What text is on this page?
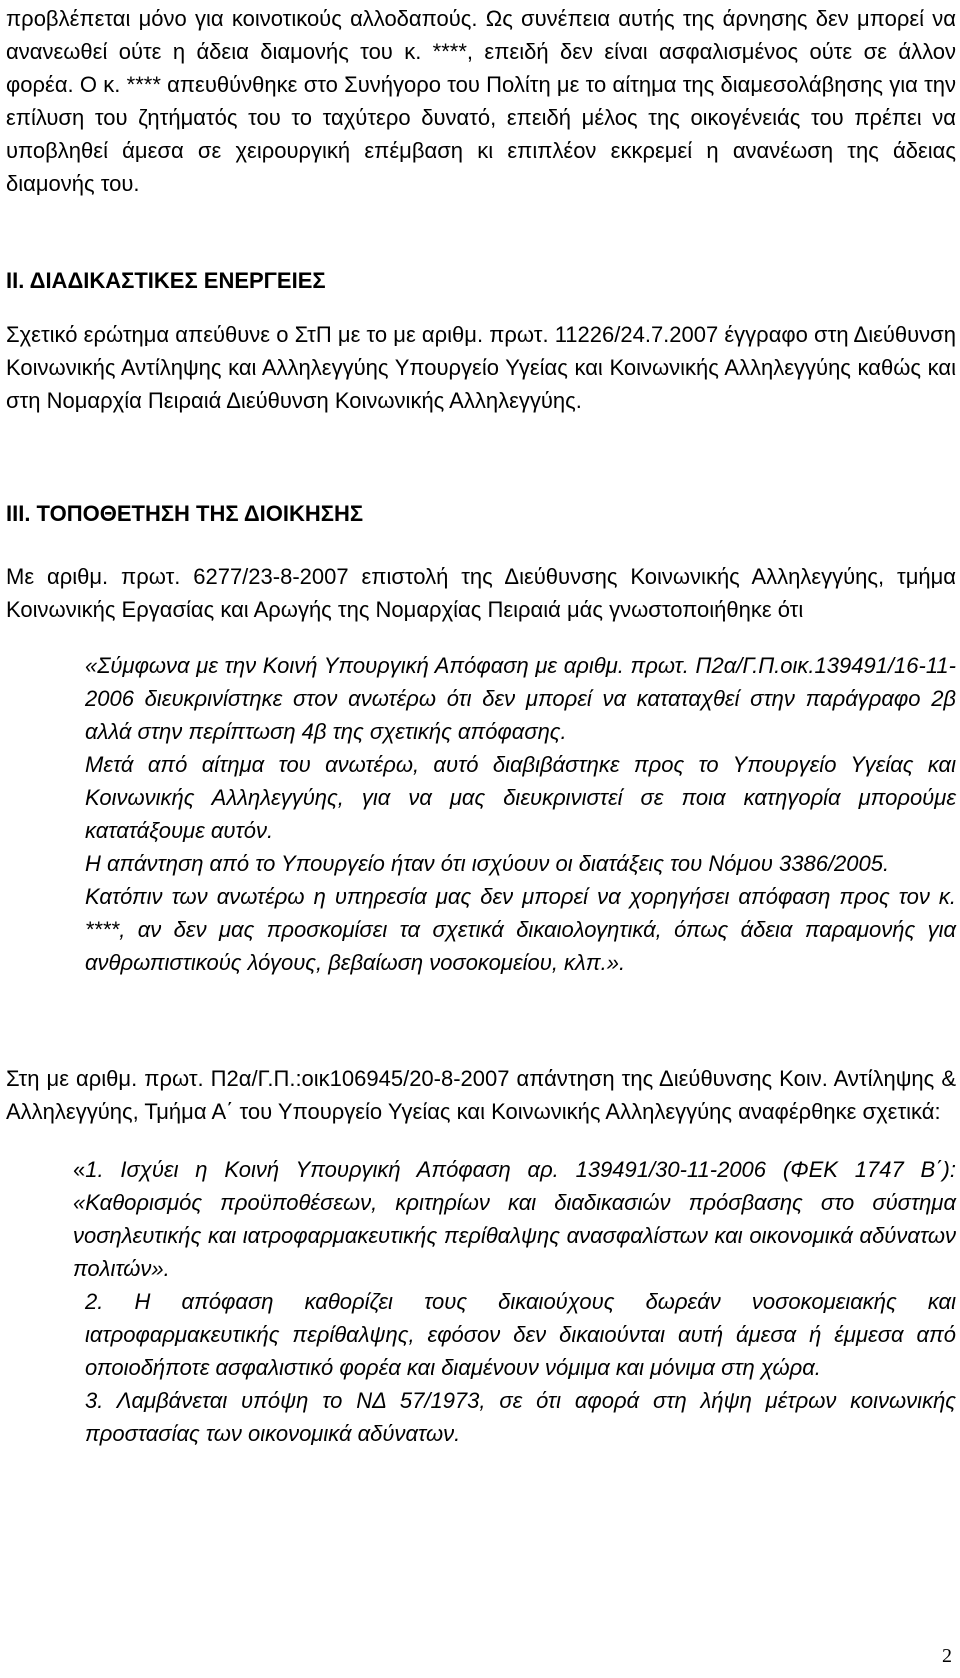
προβλέπεται μόνο για κοινοτικούς αλλοδαπούς. Ως συνέπεια αυτής της άρνησης δεν μπορεί να ανανεωθεί ούτε η άδεια διαμονής του κ. ****, επειδή δεν είναι ασφαλισμένος ούτε σε άλλον φορέα. Ο κ. **** απευθύνθηκε στο Συνήγορο του Πολίτη με το αίτημα της διαμεσολάβησης για την επίλυση του ζητήματός του το ταχύτερο δυνατό, επειδή μέλος της οικογένειάς του πρέπει να υποβληθεί άμεσα σε χειρουργική επέμβαση κι επιπλέον εκκρεμεί η ανανέωση της άδειας διαμονής του.

ΙΙ. ΔΙΑΔΙΚΑΣΤΙΚΕΣ ΕΝΕΡΓΕΙΕΣ

Σχετικό ερώτημα απεύθυνε ο ΣτΠ με το με αριθμ. πρωτ. 11226/24.7.2007 έγγραφο στη Διεύθυνση Κοινωνικής Αντίληψης και Αλληλεγγύης Υπουργείο Υγείας και Κοινωνικής Αλληλεγγύης καθώς και στη Νομαρχία Πειραιά Διεύθυνση Κοινωνικής Αλληλεγγύης.

ΙΙΙ. ΤΟΠΟΘΕΤΗΣΗ ΤΗΣ ΔΙΟΙΚΗΣΗΣ

Με αριθμ. πρωτ. 6277/23-8-2007 επιστολή της Διεύθυνσης Κοινωνικής Αλληλεγγύης, τμήμα Κοινωνικής Εργασίας και Αρωγής της Νομαρχίας Πειραιά μάς γνωστοποιήθηκε ότι

«Σύμφωνα με την Κοινή Υπουργική Απόφαση με αριθμ. πρωτ. Π2α/Γ.Π.οικ.139491/16-11-2006 διευκρινίστηκε στον ανωτέρω ότι δεν μπορεί να καταταχθεί στην παράγραφο 2β αλλά στην περίπτωση 4β της σχετικής απόφασης.

Μετά από αίτημα του ανωτέρω, αυτό διαβιβάστηκε προς το Υπουργείο Υγείας και Κοινωνικής Αλληλεγγύης, για να μας διευκρινιστεί σε ποια κατηγορία μπορούμε κατατάξουμε αυτόν.

Η απάντηση από το Υπουργείο ήταν ότι ισχύουν οι διατάξεις του Νόμου 3386/2005.

Κατόπιν των ανωτέρω η υπηρεσία μας δεν μπορεί να χορηγήσει απόφαση προς τον κ. ****, αν δεν μας προσκομίσει τα σχετικά δικαιολογητικά, όπως άδεια παραμονής για ανθρωπιστικούς λόγους, βεβαίωση νοσοκομείου, κλπ.».

Στη με αριθμ. πρωτ. Π2α/Γ.Π.:οικ106945/20-8-2007 απάντηση της Διεύθυνσης Κοιν. Αντίληψης & Αλληλεγγύης, Τμήμα Α΄ του Υπουργείο Υγείας και Κοινωνικής Αλληλεγγύης αναφέρθηκε σχετικά:

«1. Ισχύει η Κοινή Υπουργική Απόφαση αρ. 139491/30-11-2006 (ΦΕΚ 1747 Β΄): «Καθορισμός προϋποθέσεων, κριτηρίων και διαδικασιών πρόσβασης στο σύστημα νοσηλευτικής και ιατροφαρμακευτικής περίθαλψης ανασφαλίστων και οικονομικά αδύνατων πολιτών».

2. Η απόφαση καθορίζει τους δικαιούχους δωρεάν νοσοκομειακής και ιατροφαρμακευτικής περίθαλψης, εφόσον δεν δικαιούνται αυτή άμεσα ή έμμεσα από οποιοδήποτε ασφαλιστικό φορέα και διαμένουν νόμιμα και μόνιμα στη χώρα.

3. Λαμβάνεται υπόψη το ΝΔ 57/1973, σε ότι αφορά στη λήψη μέτρων κοινωνικής προστασίας των οικονομικά αδύνατων.

2
